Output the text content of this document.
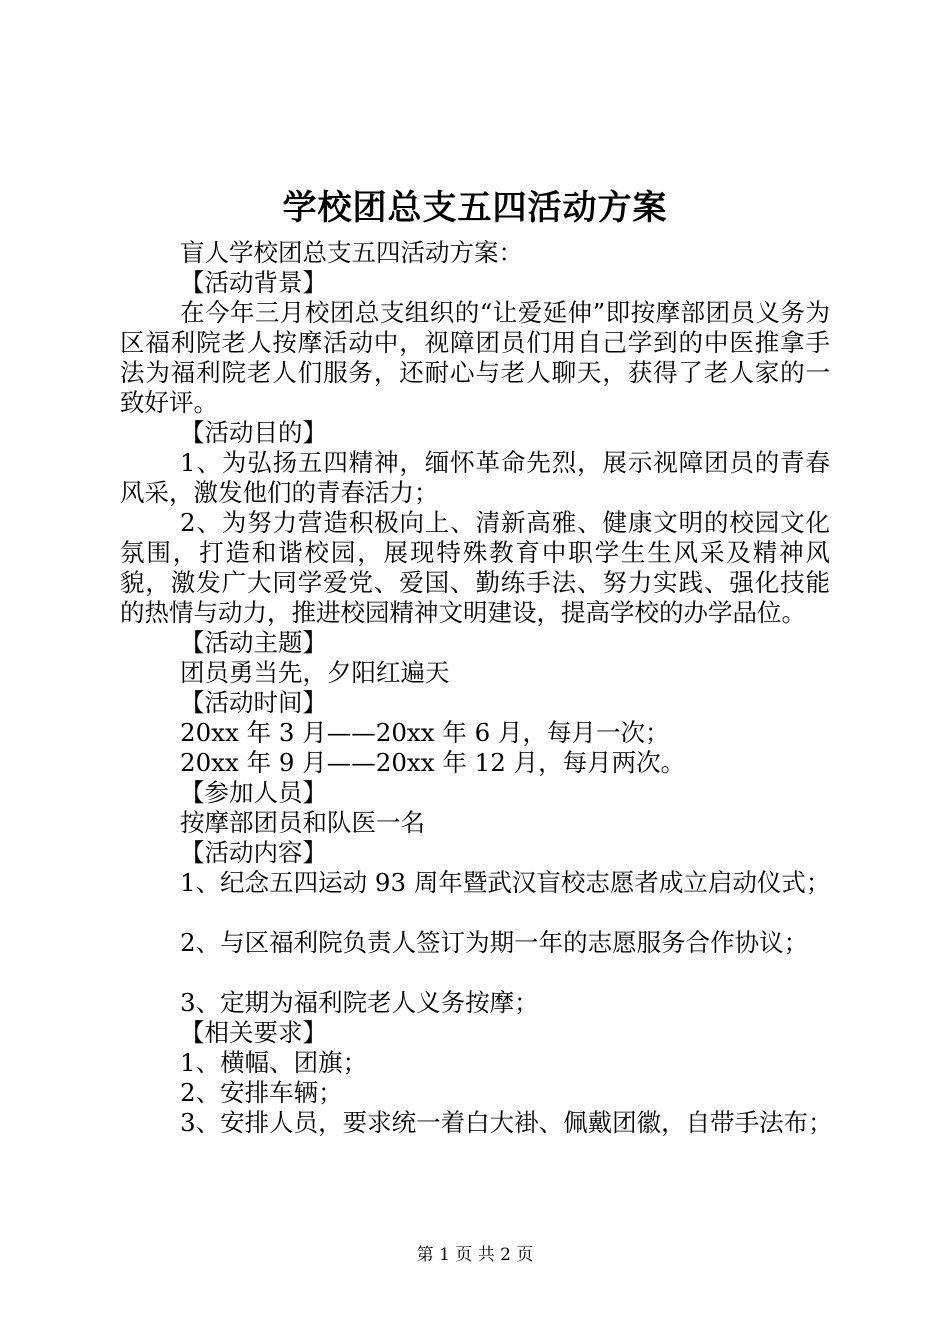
学校团总支五四活动方案
盲人学校团总支五四活动方案：
【活动背景】
在今年三月校团总支组织的“让爱延伸”即按摩部团员义务为区福利院老人按摩活动中，视障团员们用自己学到的中医推拿手法为福利院老人们服务，还耐心与老人聊天，获得了老人家的一致好评。
【活动目的】
1、为弘扬五四精神，缅怀革命先烈，展示视障团员的青春风采，激发他们的青春活力；
2、为努力营造积极向上、清新高雅、健康文明的校园文化氛围，打造和谐校园，展现特殊教育中职学生生风采及精神风貌，激发广大同学爱党、爱国、勤练手法、努力实践、强化技能的热情与动力，推进校园精神文明建设，提高学校的办学品位。
【活动主题】
团员勇当先，夕阳红遍天
【活动时间】
20xx 年 3 月——20xx 年 6 月，每月一次；
20xx 年 9 月——20xx 年 12 月，每月两次。
【参加人员】
按摩部团员和队医一名
【活动内容】
1、纪念五四运动 93 周年暨武汉盲校志愿者成立启动仪式；
2、与区福利院负责人签订为期一年的志愿服务合作协议；
3、定期为福利院老人义务按摩；
【相关要求】
1、横幅、团旗；
2、安排车辆；
3、安排人员，要求统一着白大褂、佩戴团徽，自带手法布；
第 1 页 共 2 页
